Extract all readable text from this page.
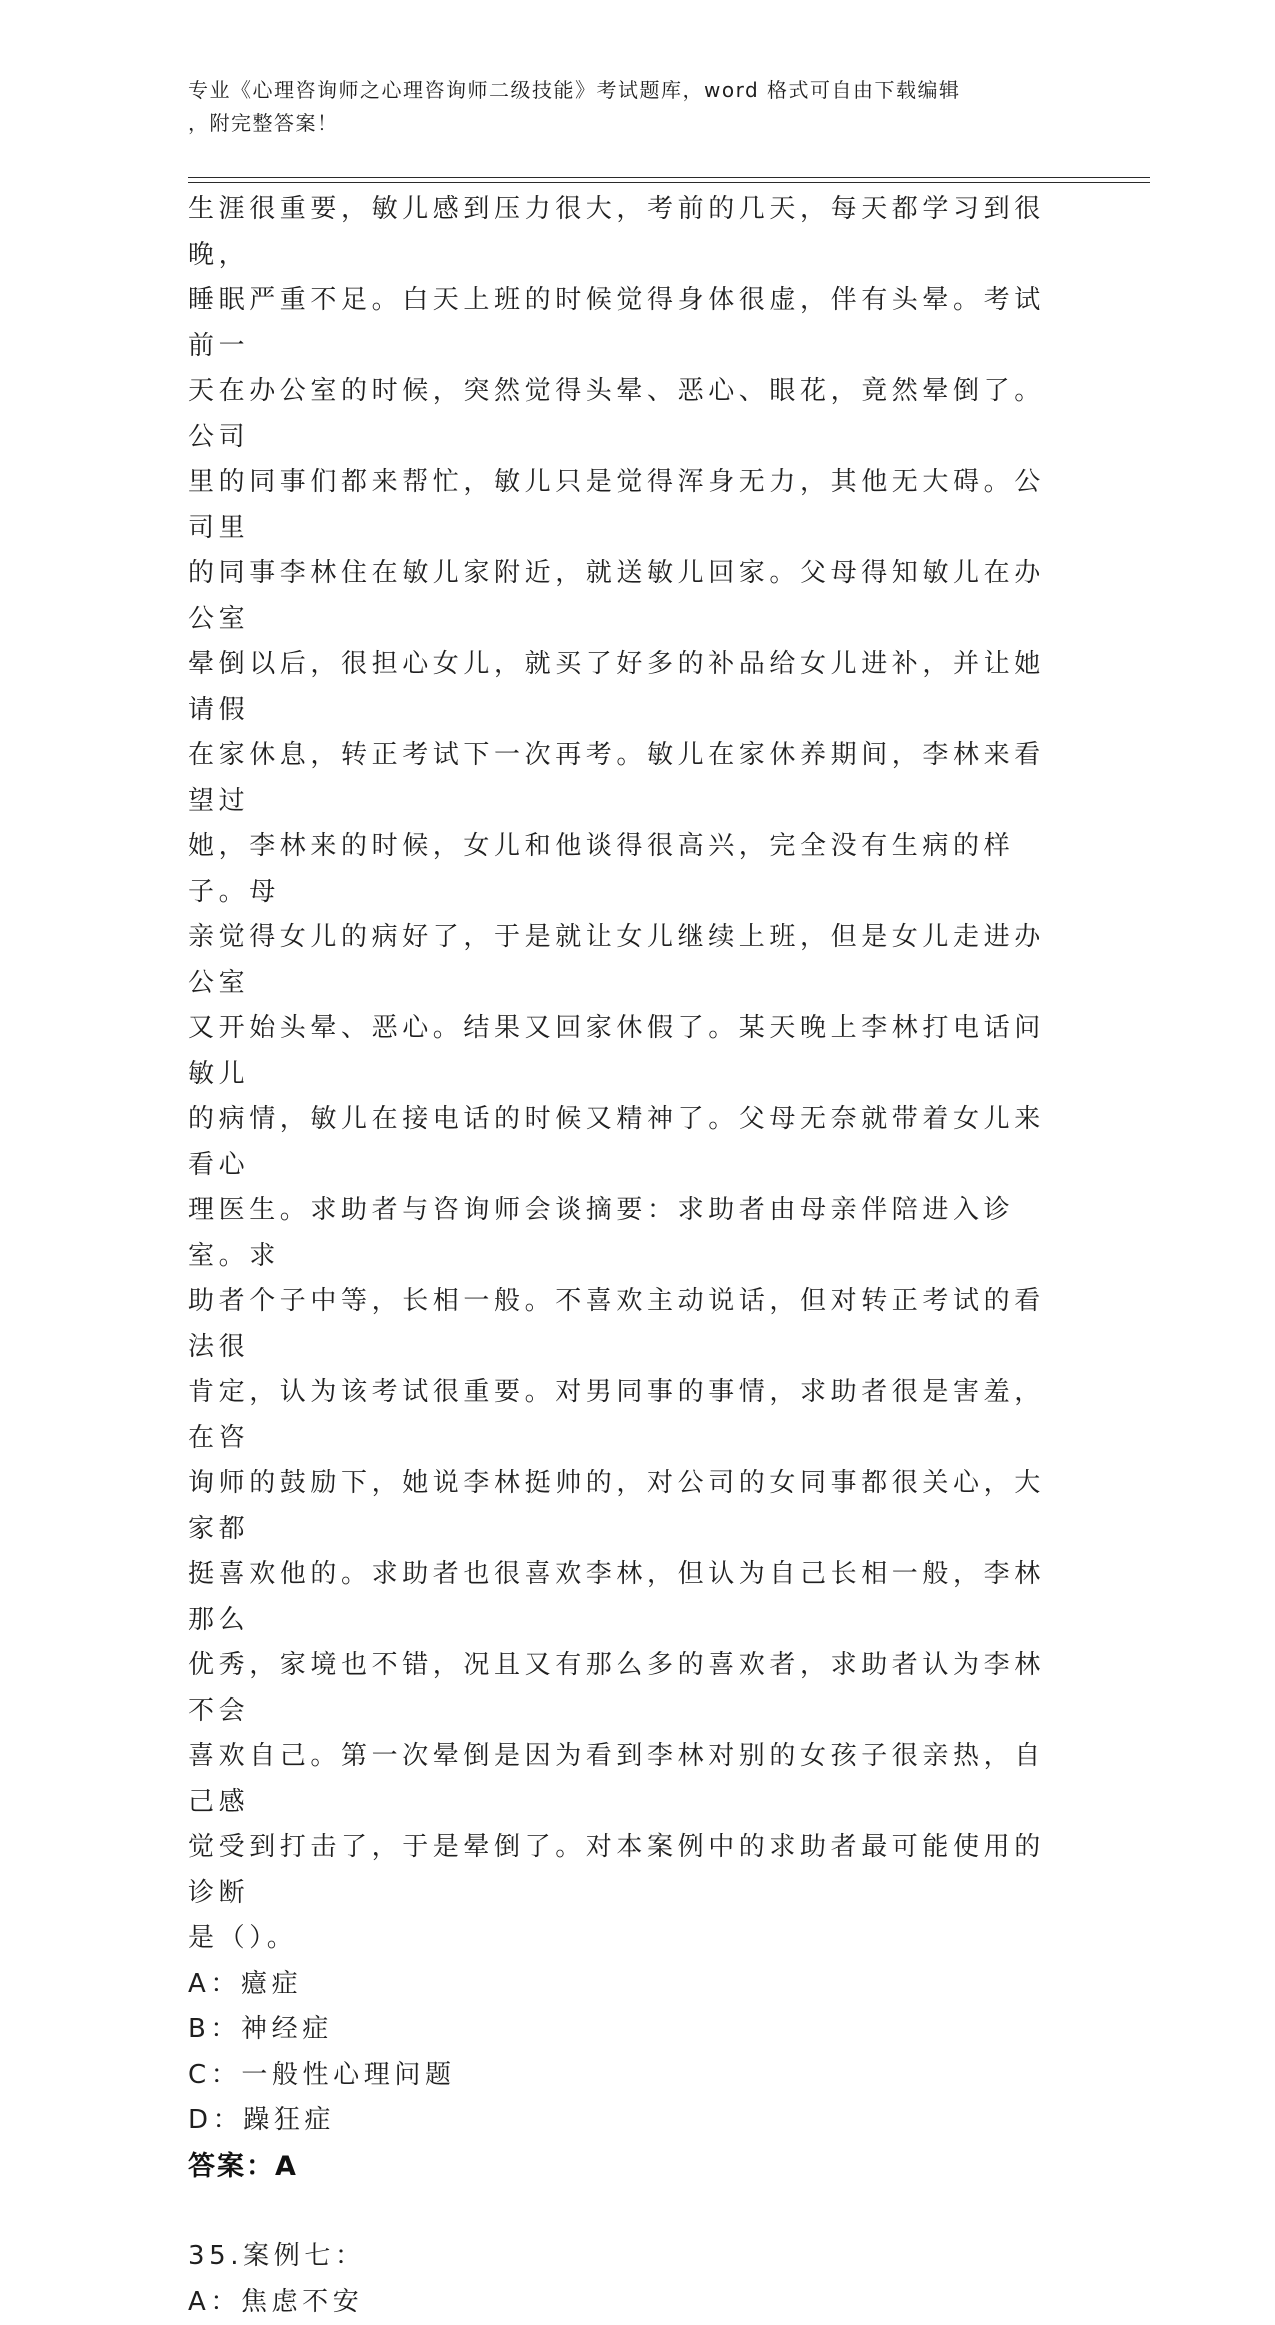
专业《心理咨询师之心理咨询师二级技能》考试题库，word 格式可自由下载编辑
，附完整答案！

生涯很重要，敏儿感到压力很大，考前的几天，每天都学习到很晚，

睡眠严重不足。白天上班的时候觉得身体很虚，伴有头晕。考试前一

天在办公室的时候，突然觉得头晕、恶心、眼花，竟然晕倒了。公司

里的同事们都来帮忙，敏儿只是觉得浑身无力，其他无大碍。公司里

的同事李林住在敏儿家附近，就送敏儿回家。父母得知敏儿在办公室

晕倒以后，很担心女儿，就买了好多的补品给女儿进补，并让她请假

在家休息，转正考试下一次再考。敏儿在家休养期间，李林来看望过

她，李林来的时候，女儿和他谈得很高兴，完全没有生病的样子。母

亲觉得女儿的病好了，于是就让女儿继续上班，但是女儿走进办公室

又开始头晕、恶心。结果又回家休假了。某天晚上李林打电话问敏儿

的病情，敏儿在接电话的时候又精神了。父母无奈就带着女儿来看心

理医生。求助者与咨询师会谈摘要：求助者由母亲伴陪进入诊室。求

助者个子中等，长相一般。不喜欢主动说话，但对转正考试的看法很

肯定，认为该考试很重要。对男同事的事情，求助者很是害羞，在咨

询师的鼓励下，她说李林挺帅的，对公司的女同事都很关心，大家都

挺喜欢他的。求助者也很喜欢李林，但认为自己长相一般，李林那么

优秀，家境也不错，况且又有那么多的喜欢者，求助者认为李林不会

喜欢自己。第一次晕倒是因为看到李林对别的女孩子很亲热，自己感

觉受到打击了，于是晕倒了。对本案例中的求助者最可能使用的诊断

是（）。

A：癔症

B：神经症

C：一般性心理问题

D：躁狂症

答案：A

35.案例七：

A：焦虑不安
